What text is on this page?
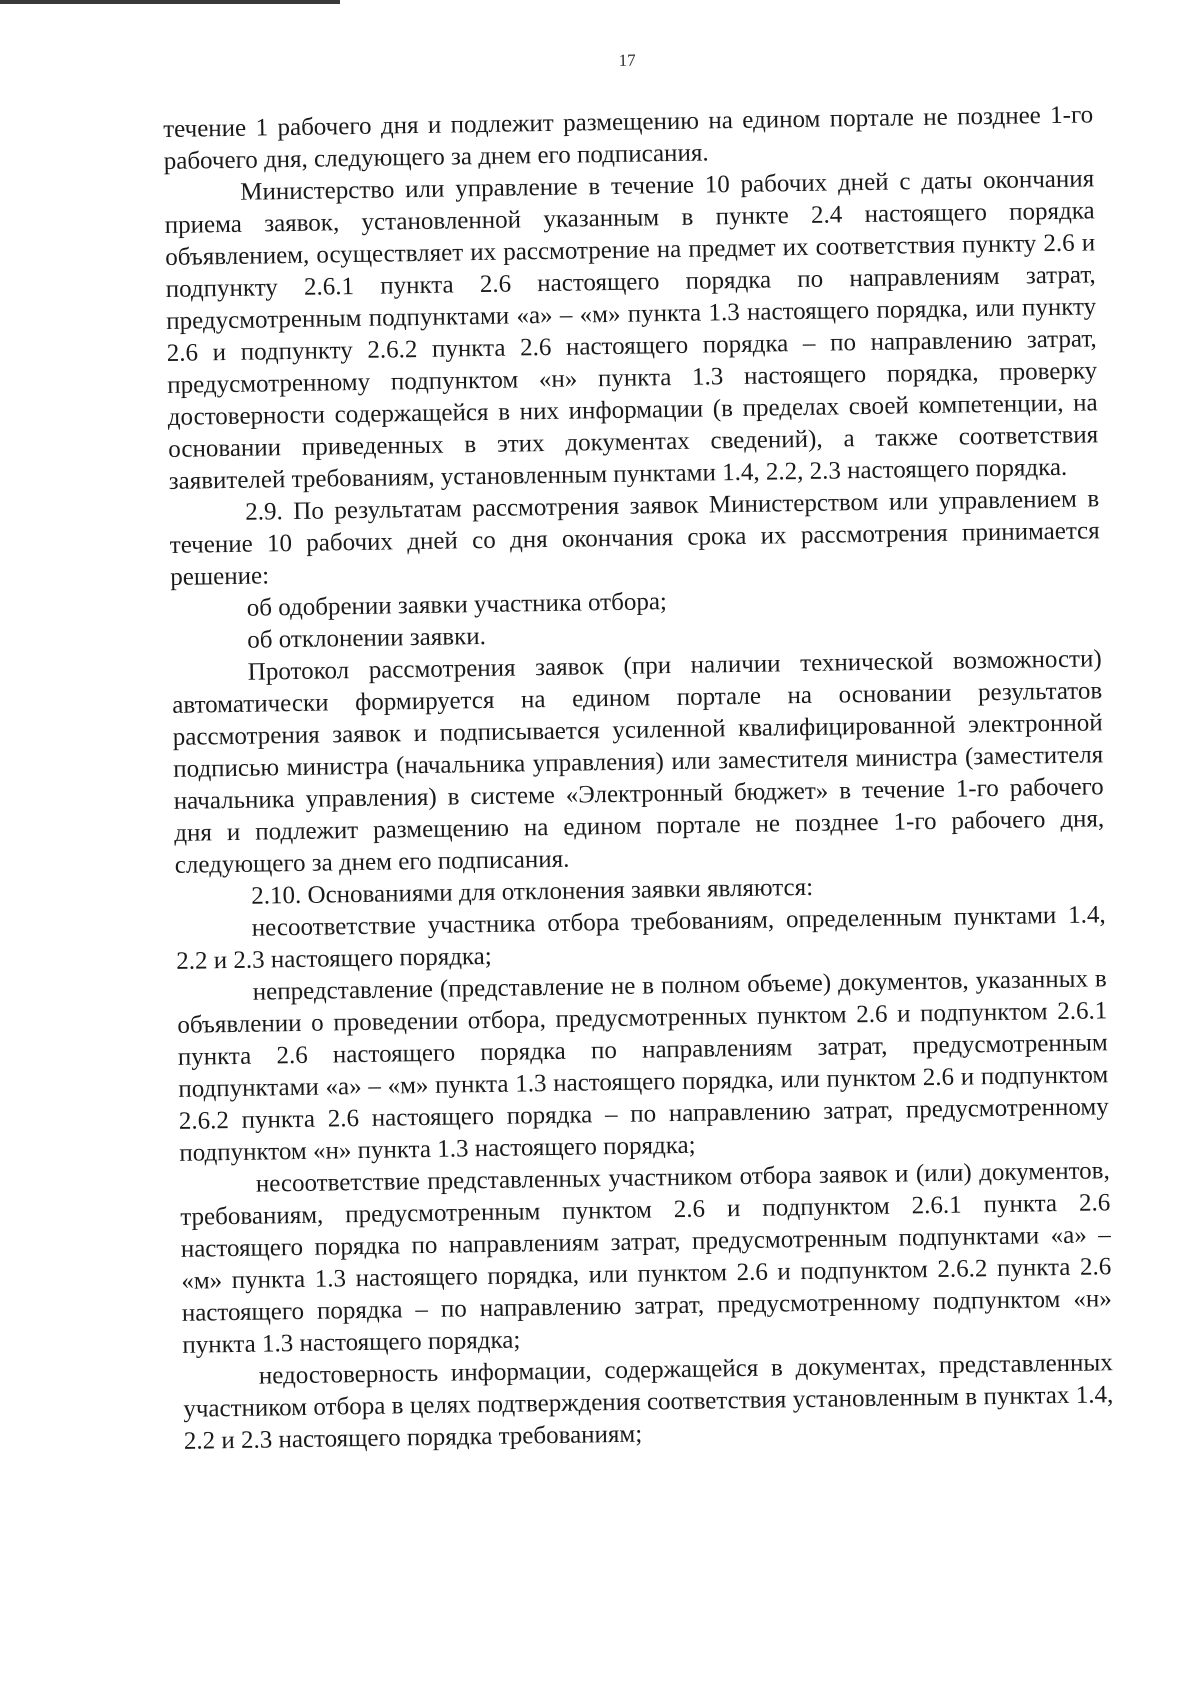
17

течение 1 рабочего дня и подлежит размещению на едином портале не позднее 1-го рабочего дня, следующего за днем его подписания.

Министерство или управление в течение 10 рабочих дней с даты окончания приема заявок, установленной указанным в пункте 2.4 настоящего порядка объявлением, осуществляет их рассмотрение на предмет их соответствия пункту 2.6 и подпункту 2.6.1 пункта 2.6 настоящего порядка по направлениям затрат, предусмотренным подпунктами «а» – «м» пункта 1.3 настоящего порядка, или пункту 2.6 и подпункту 2.6.2 пункта 2.6 настоящего порядка – по направлению затрат, предусмотренному подпунктом «н» пункта 1.3 настоящего порядка, проверку достоверности содержащейся в них информации (в пределах своей компетенции, на основании приведенных в этих документах сведений), а также соответствия заявителей требованиям, установленным пунктами 1.4, 2.2, 2.3 настоящего порядка.

2.9. По результатам рассмотрения заявок Министерством или управлением в течение 10 рабочих дней со дня окончания срока их рассмотрения принимается решение:

об одобрении заявки участника отбора;

об отклонении заявки.

Протокол рассмотрения заявок (при наличии технической возможности) автоматически формируется на едином портале на основании результатов рассмотрения заявок и подписывается усиленной квалифицированной электронной подписью министра (начальника управления) или заместителя министра (заместителя начальника управления) в системе «Электронный бюджет» в течение 1-го рабочего дня и подлежит размещению на едином портале не позднее 1-го рабочего дня, следующего за днем его подписания.

2.10. Основаниями для отклонения заявки являются:

несоответствие участника отбора требованиям, определенным пунктами 1.4, 2.2 и 2.3 настоящего порядка;

непредставление (представление не в полном объеме) документов, указанных в объявлении о проведении отбора, предусмотренных пунктом 2.6 и подпунктом 2.6.1 пункта 2.6 настоящего порядка по направлениям затрат, предусмотренным подпунктами «а» – «м» пункта 1.3 настоящего порядка, или пунктом 2.6 и подпунктом 2.6.2 пункта 2.6 настоящего порядка – по направлению затрат, предусмотренному подпунктом «н» пункта 1.3 настоящего порядка;

несоответствие представленных участником отбора заявок и (или) документов, требованиям, предусмотренным пунктом 2.6 и подпунктом 2.6.1 пункта 2.6 настоящего порядка по направлениям затрат, предусмотренным подпунктами «а» – «м» пункта 1.3 настоящего порядка, или пунктом 2.6 и подпунктом 2.6.2 пункта 2.6 настоящего порядка – по направлению затрат, предусмотренному подпунктом «н» пункта 1.3 настоящего порядка;

недостоверность информации, содержащейся в документах, представленных участником отбора в целях подтверждения соответствия установленным в пунктах 1.4, 2.2 и 2.3 настоящего порядка требованиям;
